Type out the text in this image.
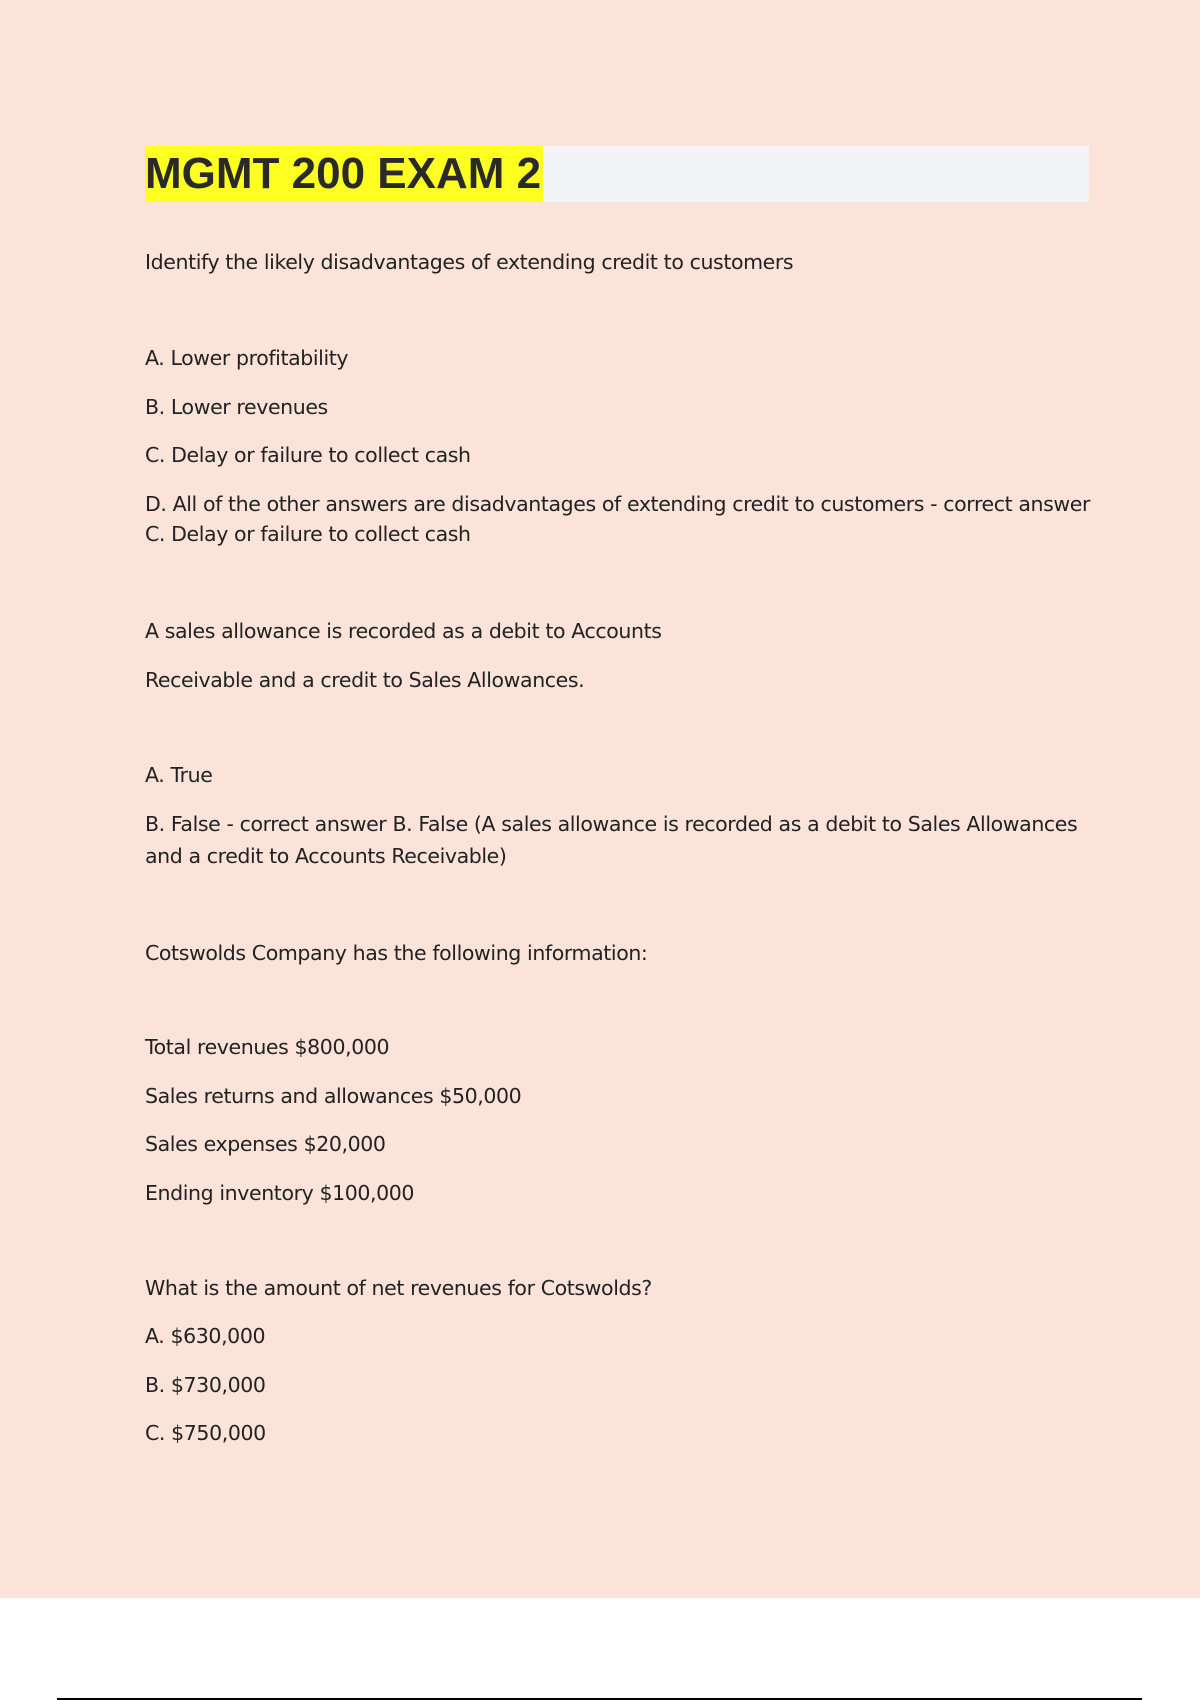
MGMT 200 EXAM 2
Identify the likely disadvantages of extending credit to customers
A. Lower profitability
B. Lower revenues
C. Delay or failure to collect cash
D. All of the other answers are disadvantages of extending credit to customers - correct answer
C. Delay or failure to collect cash
A sales allowance is recorded as a debit to Accounts
Receivable and a credit to Sales Allowances.
A. True
B. False - correct answer B. False (A sales allowance is recorded as a debit to Sales Allowances
and a credit to Accounts Receivable)
Cotswolds Company has the following information:
Total revenues $800,000
Sales returns and allowances $50,000
Sales expenses $20,000
Ending inventory $100,000
What is the amount of net revenues for Cotswolds?
A. $630,000
B. $730,000
C. $750,000
